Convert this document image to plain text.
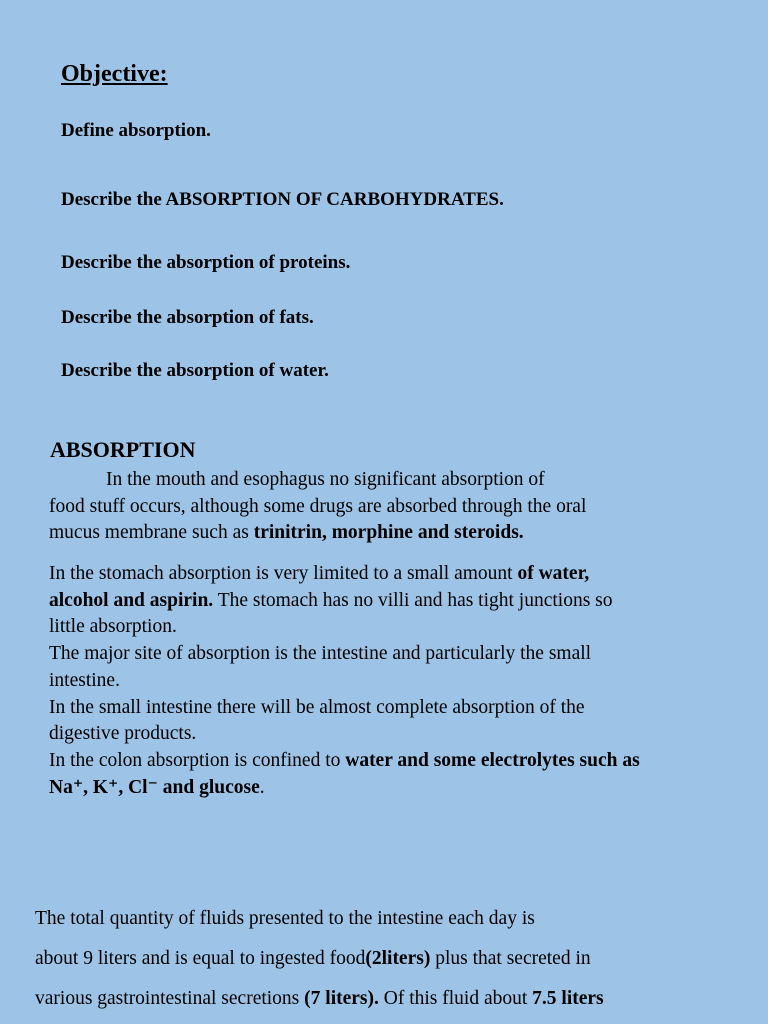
Objective:

Define absorption.

Describe the ABSORPTION OF CARBOHYDRATES.

Describe the absorption of proteins.

Describe the absorption of fats.

Describe the absorption of water.

ABSORPTION

In the mouth and esophagus no significant absorption of

food stuff occurs, although some drugs are absorbed through the oral

mucus membrane such as trinitrin, morphine and steroids.

In the stomach absorption is very limited to a small amount of water,

alcohol and aspirin. The stomach has no villi and has tight junctions so

little absorption.

The major site of absorption is the intestine and particularly the small

intestine.

In the small intestine there will be almost complete absorption of the

digestive products.

In the colon absorption is confined to water and some electrolytes such as

Na⁺, K⁺, Cl⁻ and glucose.

The total quantity of fluids presented to the intestine each day is

about 9 liters and is equal to ingested food(2liters) plus that secreted in

various gastrointestinal secretions (7 liters). Of this fluid about 7.5 liters
